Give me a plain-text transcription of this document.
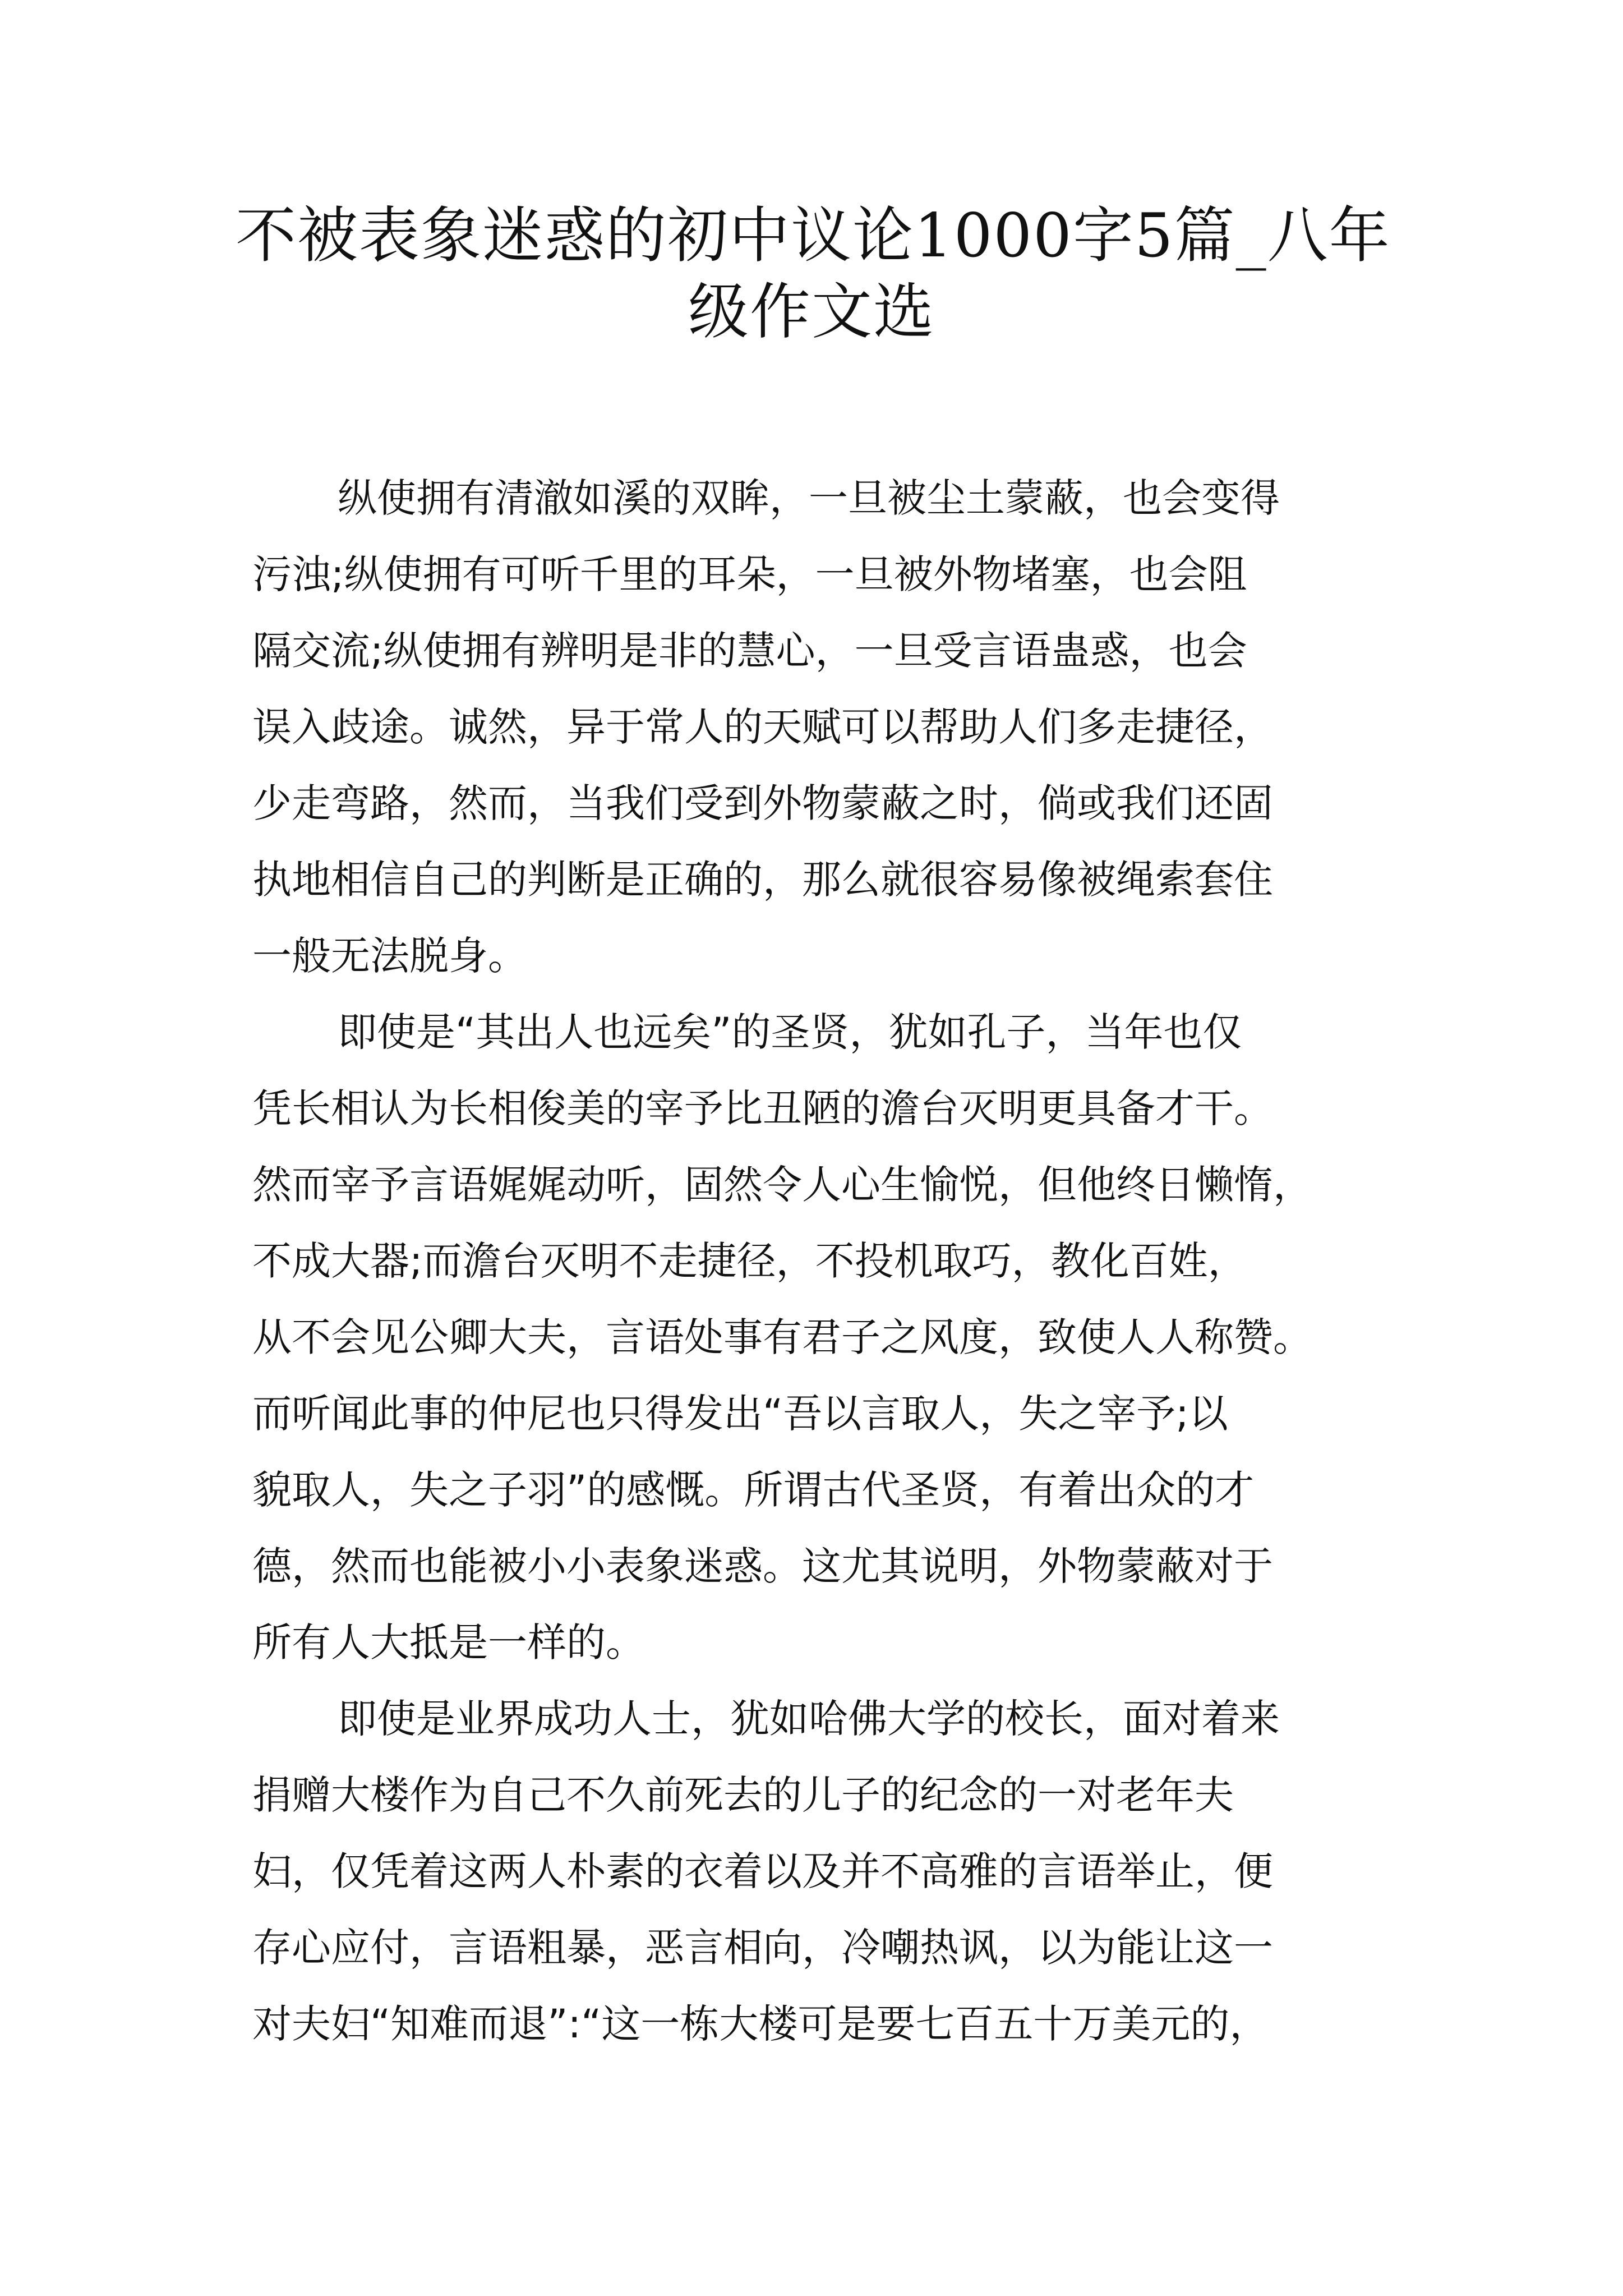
不被表象迷惑的初中议论1000字5篇_八年
级作文选
纵使拥有清澈如溪的双眸，一旦被尘土蒙蔽，也会变得
污浊;纵使拥有可听千里的耳朵，一旦被外物堵塞，也会阻
隔交流;纵使拥有辨明是非的慧心，一旦受言语蛊惑，也会
误入歧途。诚然，异于常人的天赋可以帮助人们多走捷径，
少走弯路，然而，当我们受到外物蒙蔽之时，倘或我们还固
执地相信自己的判断是正确的，那么就很容易像被绳索套住
一般无法脱身。
即使是“其出人也远矣”的圣贤，犹如孔子，当年也仅
凭长相认为长相俊美的宰予比丑陋的澹台灭明更具备才干。
然而宰予言语娓娓动听，固然令人心生愉悦，但他终日懒惰，
不成大器;而澹台灭明不走捷径，不投机取巧，教化百姓，
从不会见公卿大夫，言语处事有君子之风度，致使人人称赞。
而听闻此事的仲尼也只得发出“吾以言取人，失之宰予;以
貌取人，失之子羽”的感慨。所谓古代圣贤，有着出众的才
德，然而也能被小小表象迷惑。这尤其说明，外物蒙蔽对于
所有人大抵是一样的。
即使是业界成功人士，犹如哈佛大学的校长，面对着来
捐赠大楼作为自己不久前死去的儿子的纪念的一对老年夫
妇，仅凭着这两人朴素的衣着以及并不高雅的言语举止，便
存心应付，言语粗暴，恶言相向，冷嘲热讽，以为能让这一
对夫妇“知难而退”:“这一栋大楼可是要七百五十万美元的，
